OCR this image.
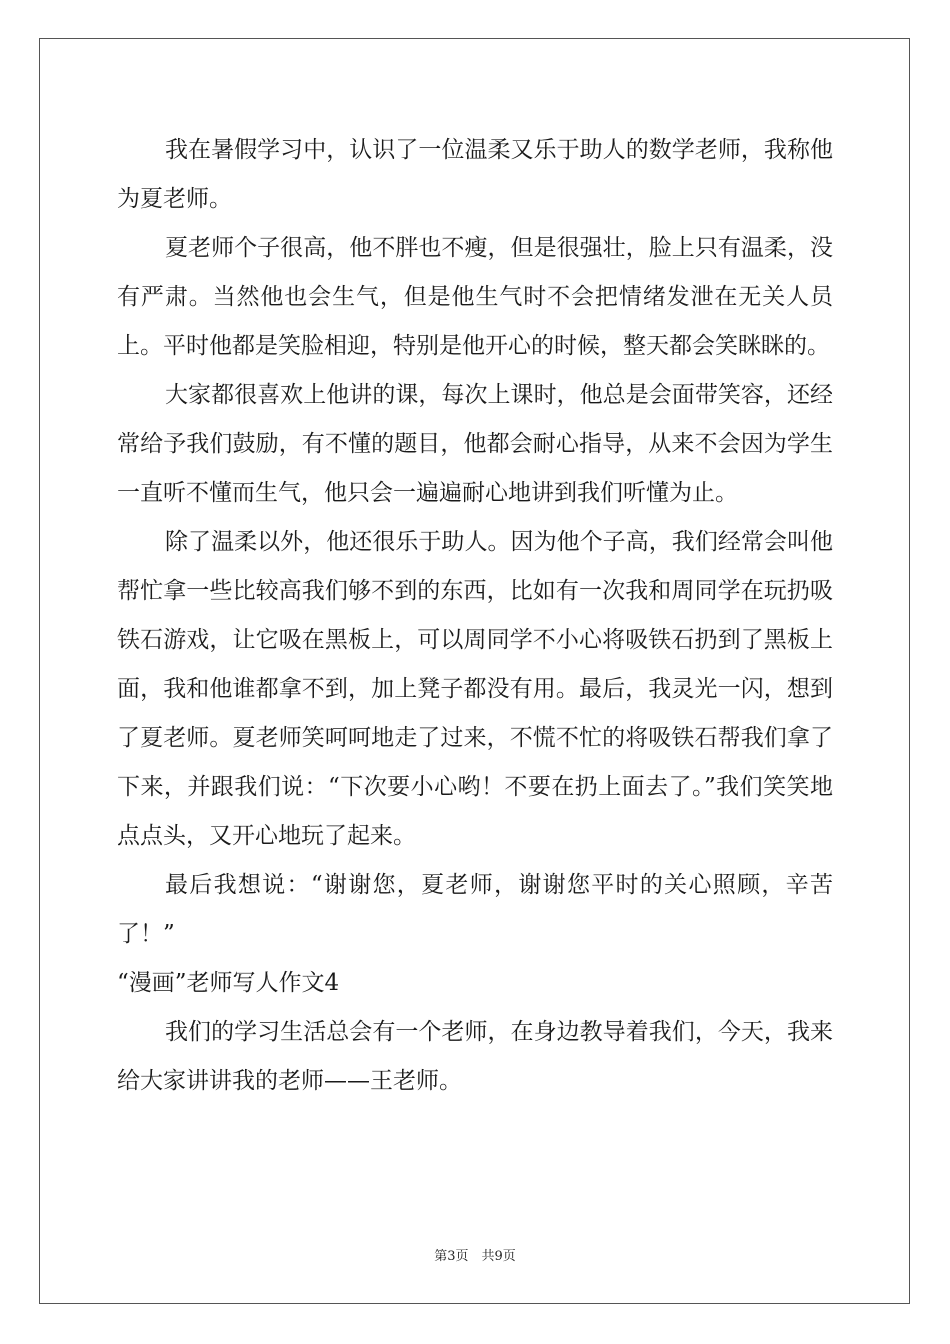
我在暑假学习中，认识了一位温柔又乐于助人的数学老师，我称他为夏老师。

夏老师个子很高，他不胖也不瘦，但是很强壮，脸上只有温柔，没有严肃。当然他也会生气，但是他生气时不会把情绪发泄在无关人员上。平时他都是笑脸相迎，特别是他开心的时候，整天都会笑眯眯的。

大家都很喜欢上他讲的课，每次上课时，他总是会面带笑容，还经常给予我们鼓励，有不懂的题目，他都会耐心指导，从来不会因为学生一直听不懂而生气，他只会一遍遍耐心地讲到我们听懂为止。

除了温柔以外，他还很乐于助人。因为他个子高，我们经常会叫他帮忙拿一些比较高我们够不到的东西，比如有一次我和周同学在玩扔吸铁石游戏，让它吸在黑板上，可以周同学不小心将吸铁石扔到了黑板上面，我和他谁都拿不到，加上凳子都没有用。最后，我灵光一闪，想到了夏老师。夏老师笑呵呵地走了过来，不慌不忙的将吸铁石帮我们拿了下来，并跟我们说：“下次要小心哟！不要在扔上面去了。”我们笑笑地点点头，又开心地玩了起来。

最后我想说：“谢谢您，夏老师，谢谢您平时的关心照顾，辛苦了！”

“漫画”老师写人作文4

我们的学习生活总会有一个老师，在身边教导着我们，今天，我来给大家讲讲我的老师——王老师。

第3页　共9页
